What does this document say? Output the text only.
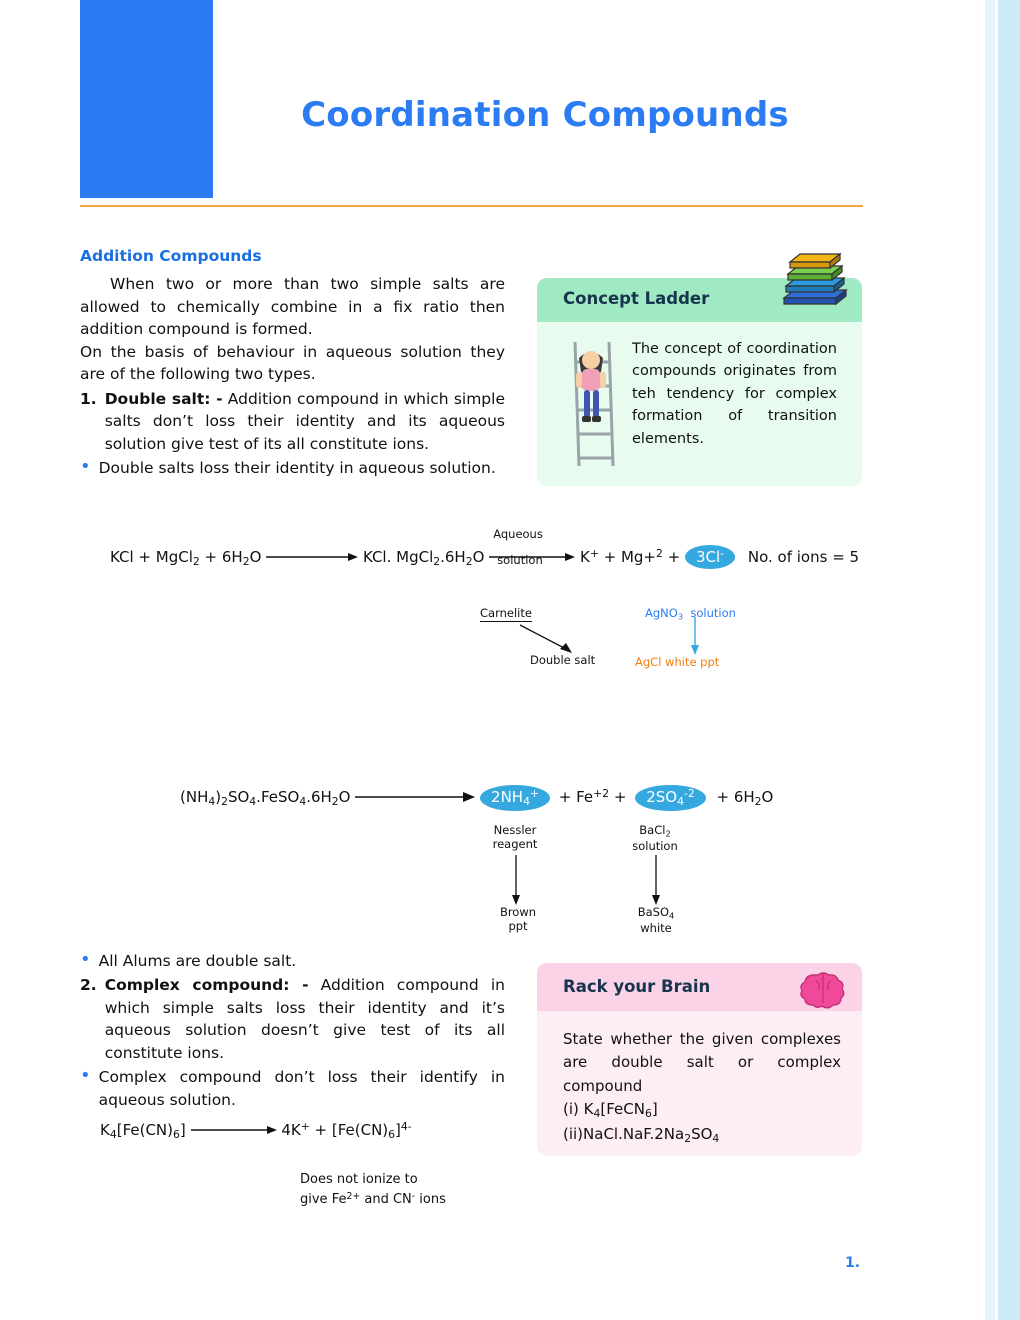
Coordination Compounds
Addition Compounds
When two or more than two simple salts are allowed to chemically combine in a fix ratio then addition compound is formed.
On the basis of behaviour in aqueous solution they are of the following two types.
1. Double salt: - Addition compound in which simple salts don’t loss their identity and its aqueous solution give test of its all constitute ions.
• Double salts loss their identity in aqueous solution.
• All Alums are double salt.
2. Complex compound: - Addition compound in which simple salts loss their identity and it’s aqueous solution doesn’t give test of its all constitute ions.
• Complex compound don’t loss their identify in aqueous solution.
Concept Ladder
The concept of coordination compounds originates from teh tendency for complex formation of transition elements.
Rack your Brain
State whether the given complexes are double salt or complex compound
(i) $K_4[FeCN_6]$
$(ii)NaCl.NaF.2Na_2SO_4$
KCl + MgCl$_2$ + $6H_2O$	KCl. $MgCl_2.6H_2O$
Aqueous
solution K+ + Mg+$^2$ + 3Cl- No. of ions = 5
Carnelite
Double salt
AgNO$_3$  solution
AgCl white ppt
$(NH_4)_2SO_4.FeSO_4.6H_2O$	$2NH_4^+ + Fe^{+2} + 2SO_4^{-2} + 6H_2O$
Nessler
reagent
Brown
ppt
BaCl$_2$
solution
BaSO$_4$
white
$K_4[Fe(CN)_6]$	$4K^+ + [Fe(CN)_6]^{4-}$
Does not ionize to
give $Fe^{2+}$ and CN- ions
1.
